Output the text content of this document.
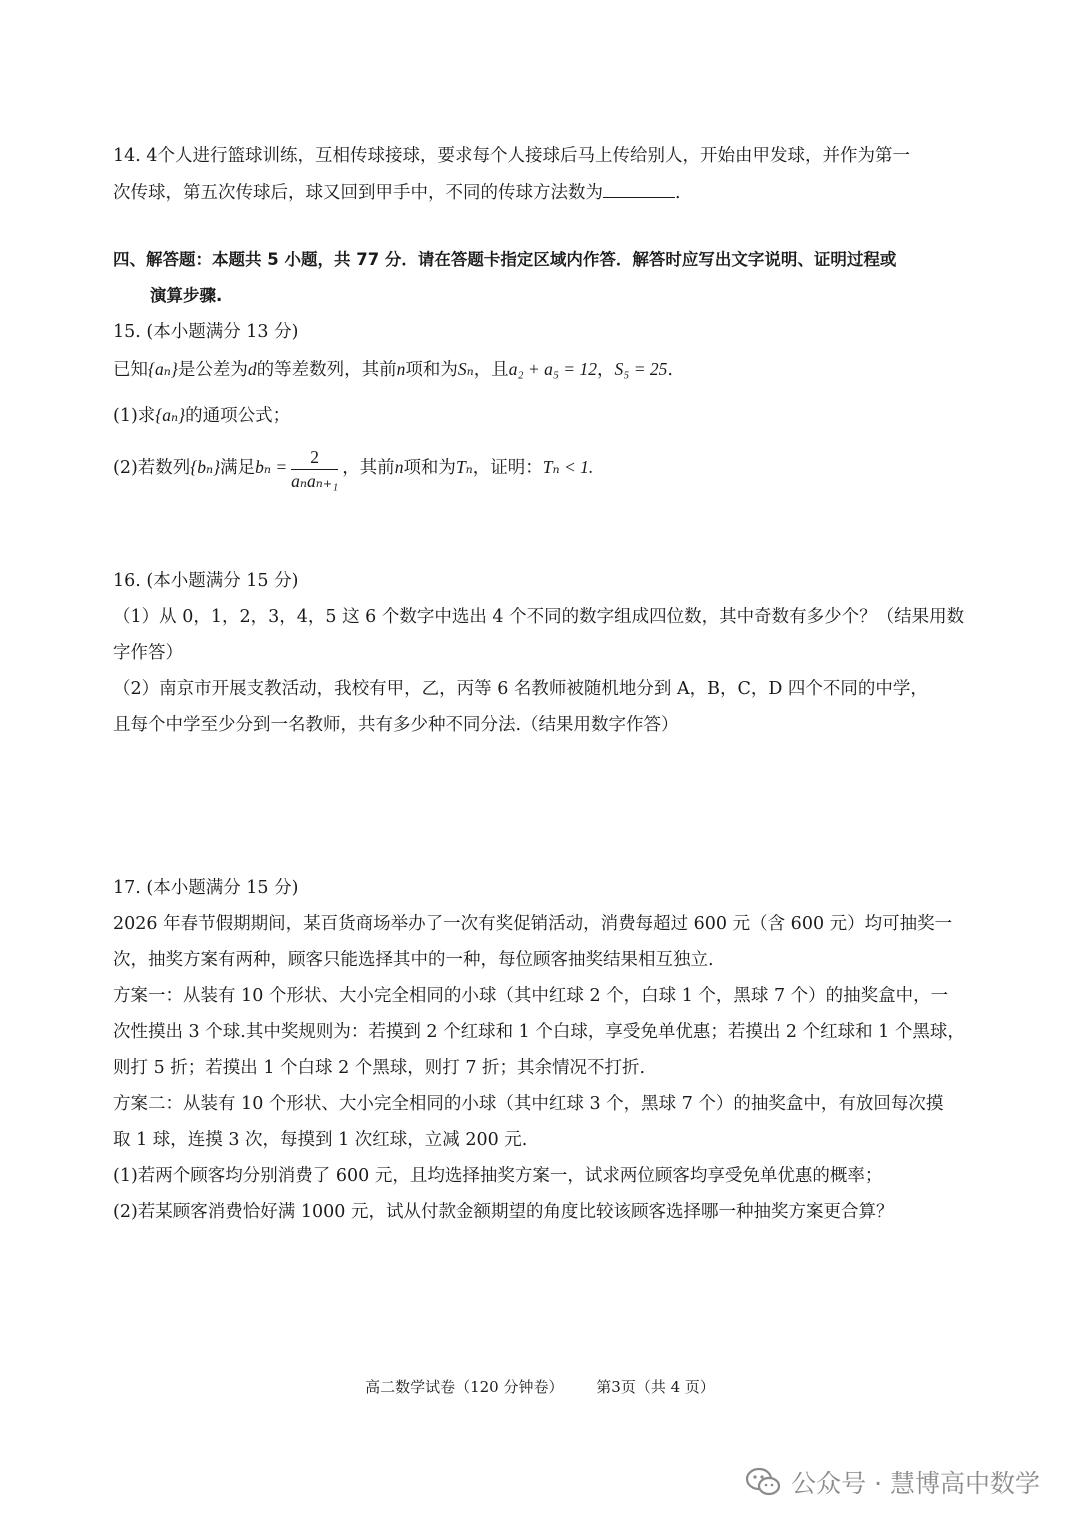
14. 4个人进行篮球训练，互相传球接球，要求每个人接球后马上传给别人，开始由甲发球，并作为第一
次传球，第五次传球后，球又回到甲手中，不同的传球方法数为	.
四、解答题：本题共 5 小题，共 77 分．请在答题卡指定区域内作答．解答时应写出文字说明、证明过程或
演算步骤.
15. (本小题满分 13 分)
已知{aₙ}是公差为d的等差数列，其前n项和为Sₙ，且a₂ + a₅ = 12，S₅ = 25.
(1)求{aₙ}的通项公式；
(2)若数列{bₙ}满足$b_n = \frac{2}{\text{aₙaₙ₊₁}}$ ，其前n项和为Tₙ，证明：Tₙ < 1.
16. (本小题满分 15 分)
（1）从 0，1，2，3，4，5 这 6 个数字中选出 4 个不同的数字组成四位数，其中奇数有多少个？（结果用数
字作答）
（2）南京市开展支教活动，我校有甲，乙，丙等 6 名教师被随机地分到 A，B，C，D 四个不同的中学，
且每个中学至少分到一名教师，共有多少种不同分法.（结果用数字作答）
17. (本小题满分 15 分)
2026 年春节假期期间，某百货商场举办了一次有奖促销活动，消费每超过 600 元（含 600 元）均可抽奖一
次，抽奖方案有两种，顾客只能选择其中的一种，每位顾客抽奖结果相互独立.
方案一：从装有 10 个形状、大小完全相同的小球（其中红球 2 个，白球 1 个，黑球 7 个）的抽奖盒中，一
次性摸出 3 个球.其中奖规则为：若摸到 2 个红球和 1 个白球，享受免单优惠；若摸出 2 个红球和 1 个黑球，
则打 5 折；若摸出 1 个白球 2 个黑球，则打 7 折；其余情况不打折.
方案二：从装有 10 个形状、大小完全相同的小球（其中红球 3 个，黑球 7 个）的抽奖盒中，有放回每次摸
取 1 球，连摸 3 次，每摸到 1 次红球，立减 200 元.
(1)若两个顾客均分别消费了 600 元，且均选择抽奖方案一，试求两位顾客均享受免单优惠的概率；
(2)若某顾客消费恰好满 1000 元，试从付款金额期望的角度比较该顾客选择哪一种抽奖方案更合算？
高二数学试卷（120 分钟卷） 第3页（共 4 页）
公众号 · 慧博高中数学
